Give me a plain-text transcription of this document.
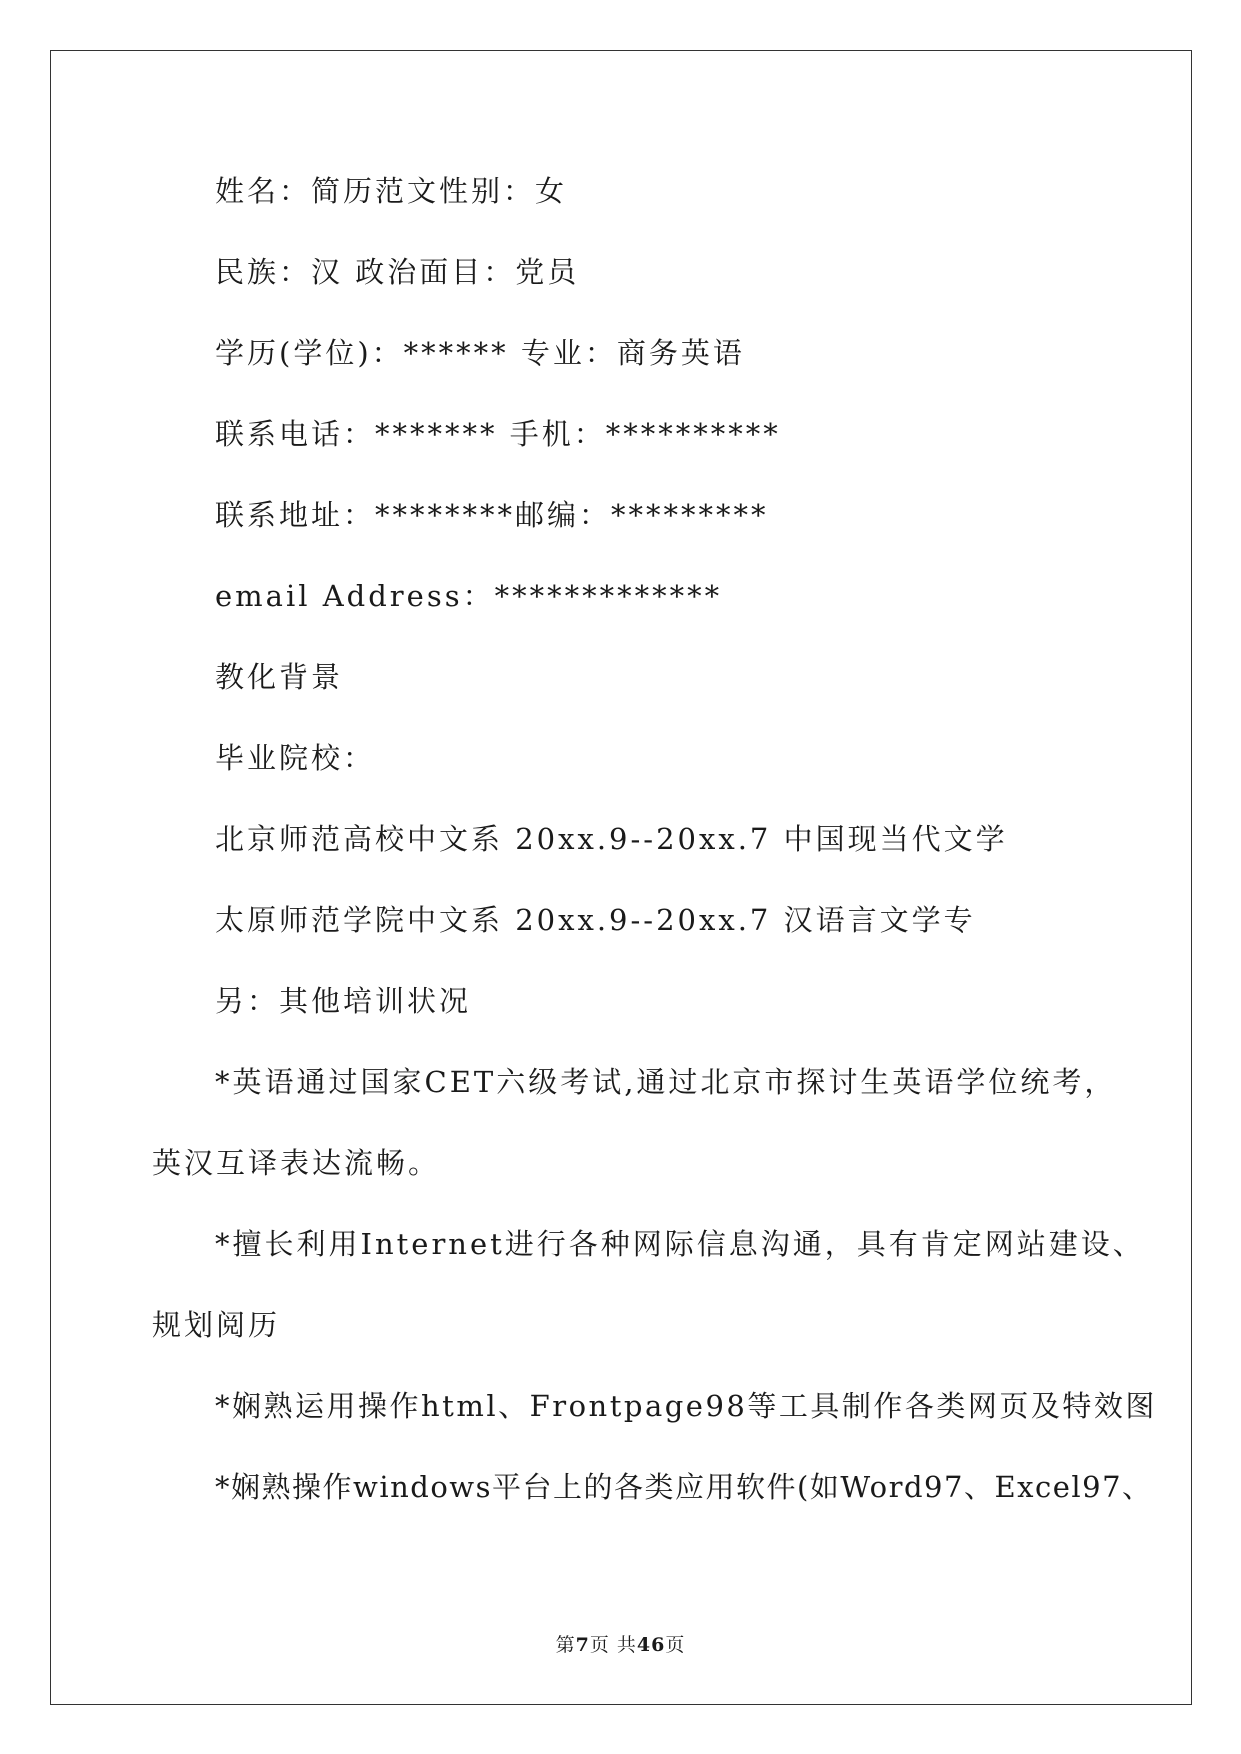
姓名：简历范文性别：女
民族：汉 政治面目：党员
学历(学位)：****** 专业：商务英语
联系电话：******* 手机：**********
联系地址：********邮编：*********
email Address：*************
教化背景
毕业院校：
北京师范高校中文系 20xx.9--20xx.7 中国现当代文学
太原师范学院中文系 20xx.9--20xx.7 汉语言文学专
另：其他培训状况
*英语通过国家CET六级考试,通过北京市探讨生英语学位统考，
英汉互译表达流畅。
*擅长利用Internet进行各种网际信息沟通，具有肯定网站建设、
规划阅历
*娴熟运用操作html、Frontpage98等工具制作各类网页及特效图
*娴熟操作windows平台上的各类应用软件(如Word97、Excel97、
第7页 共46页
